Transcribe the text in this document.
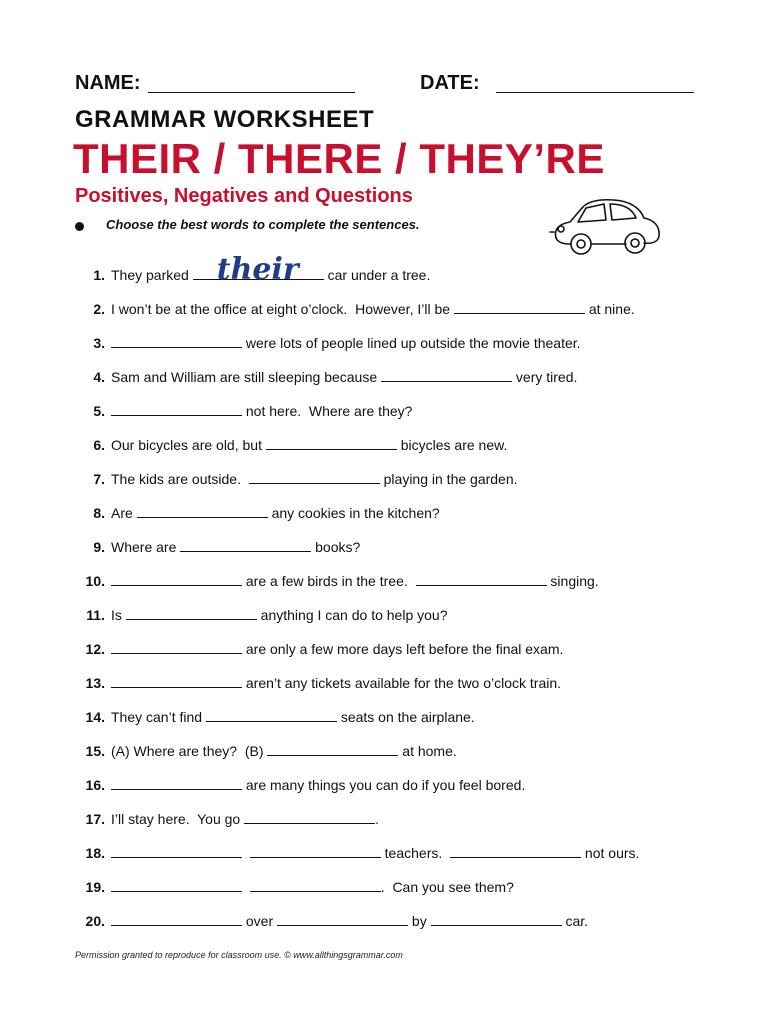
NAME:	DATE:
GRAMMAR WORKSHEET
THEIR / THERE / THEY’RE
Positives, Negatives and Questions
Choose the best words to complete the sentences.
1. They parked their car under a tree.
2. I won’t be at the office at eight o’clock.  However, I’ll be	at nine.
3.	were lots of people lined up outside the movie theater.
4. Sam and William are still sleeping because	very tired.
5.	not here.  Where are they?
6. Our bicycles are old, but	bicycles are new.
7. The kids are outside.	playing in the garden.
8. Are	any cookies in the kitchen?
9. Where are	books?
10.	are a few birds in the tree.	singing.
11. Is	anything I can do to help you?
12.	are only a few more days left before the final exam.
13.	aren’t any tickets available for the two o’clock train.
14. They can’t find	seats on the airplane.
15. (A) Where are they?  (B)	at home.
16.	are many things you can do if you feel bored.
17. I’ll stay here.  You go	.
18.	teachers.	not ours.
19.	.  Can you see them?
20.	over	by	car.
Permission granted to reproduce for classroom use. © www.allthingsgrammar.com
